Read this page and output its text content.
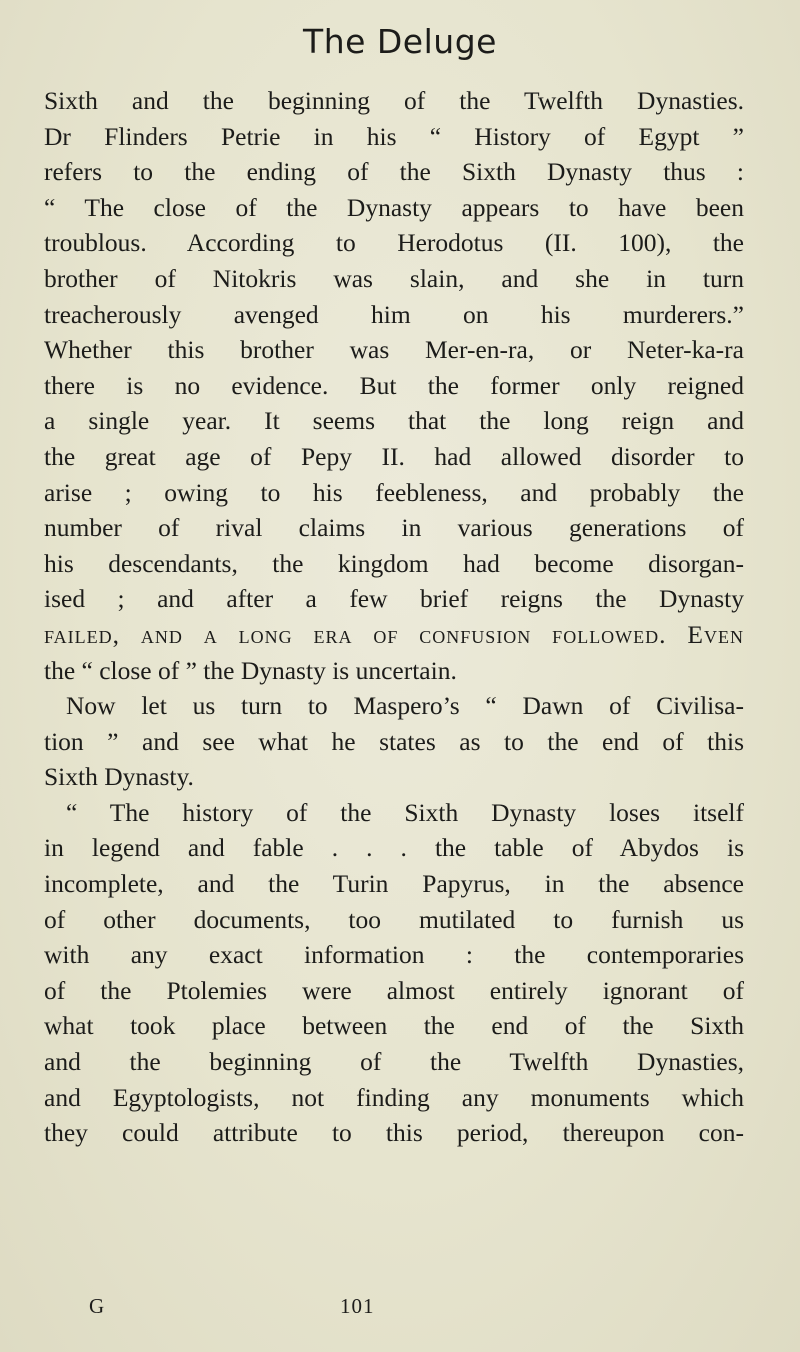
The Deluge
Sixth and the beginning of the Twelfth Dynasties.
Dr Flinders Petrie in his “ History of Egypt ”
refers to the ending of the Sixth Dynasty thus :
“ The close of the Dynasty appears to have been
troublous. According to Herodotus (II. 100), the
brother of Nitokris was slain, and she in turn
treacherously avenged him on his murderers.”
Whether this brother was Mer-en-ra, or Neter-ka-ra
there is no evidence. But the former only reigned
a single year. It seems that the long reign and
the great age of Pepy II. had allowed disorder to
arise ; owing to his feebleness, and probably the
number of rival claims in various generations of
his descendants, the kingdom had become disorgan-
ised ; and after a few brief reigns the Dynasty
failed, and a long era of confusion followed. Even
the “ close of ” the Dynasty is uncertain.
Now let us turn to Maspero’s “ Dawn of Civilisa-
tion ” and see what he states as to the end of this
Sixth Dynasty.
“ The history of the Sixth Dynasty loses itself
in legend and fable . . . the table of Abydos is
incomplete, and the Turin Papyrus, in the absence
of other documents, too mutilated to furnish us
with any exact information : the contemporaries
of the Ptolemies were almost entirely ignorant of
what took place between the end of the Sixth
and the beginning of the Twelfth Dynasties,
and Egyptologists, not finding any monuments which
they could attribute to this period, thereupon con-
G	101
